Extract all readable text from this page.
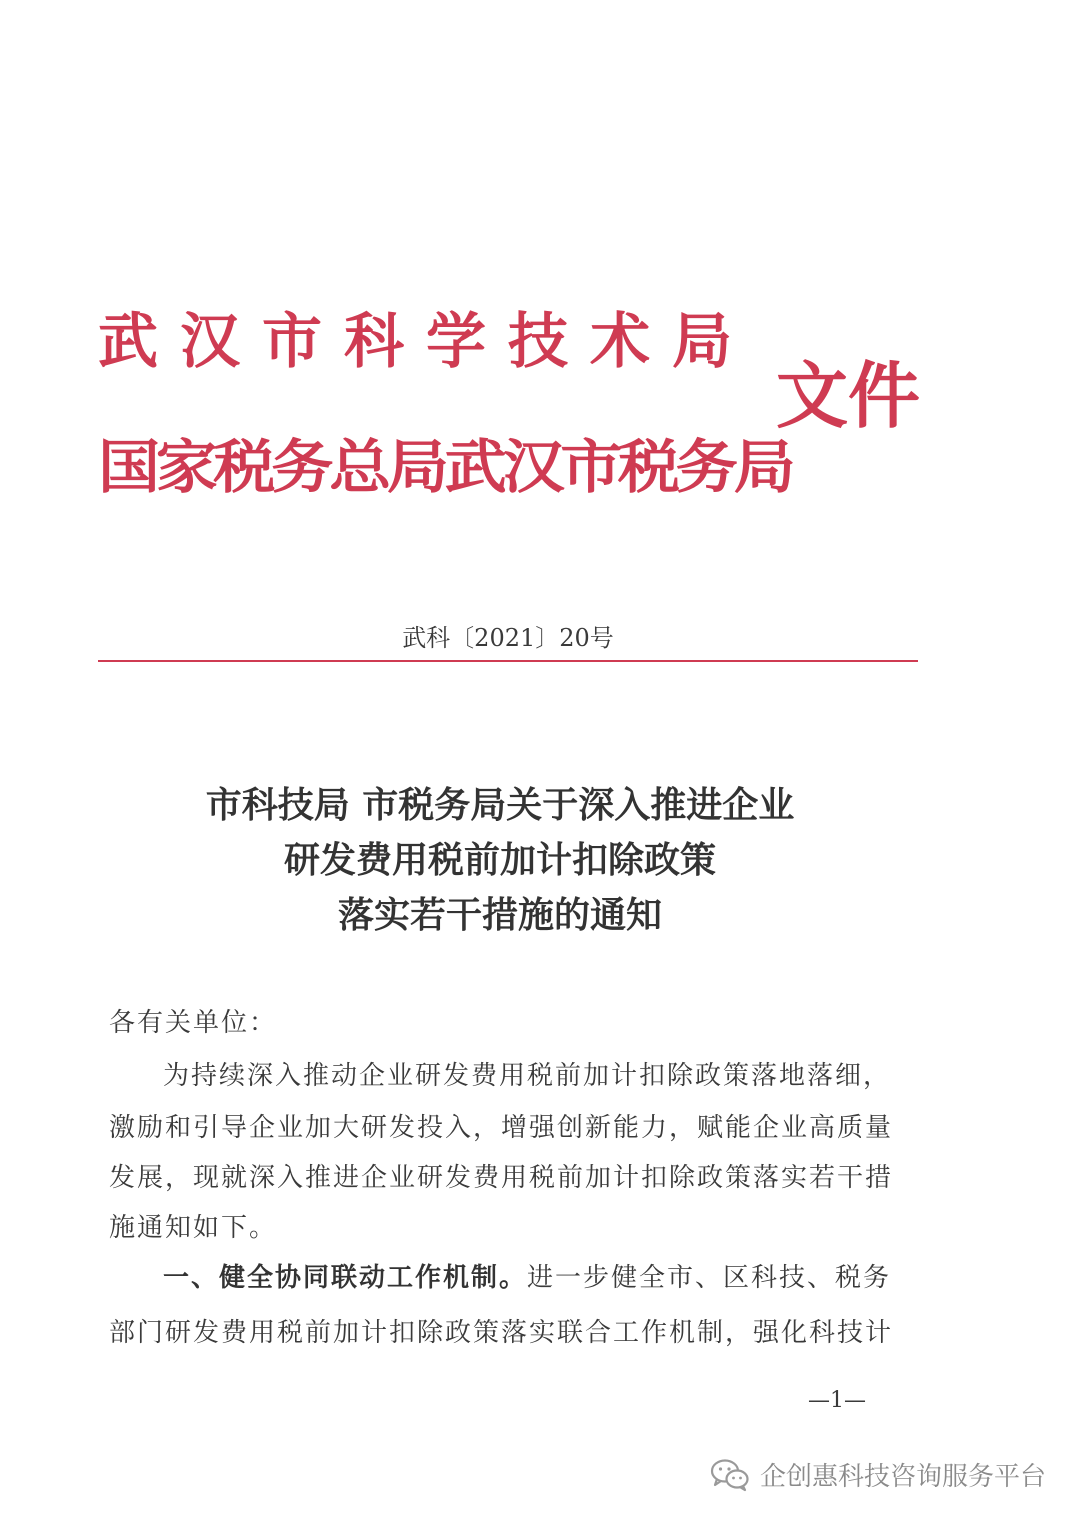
武汉市科学技术局
国家税务总局武汉市税务局
文件
武科〔2021〕20号
市科技局 市税务局关于深入推进企业
研发费用税前加计扣除政策
落实若干措施的通知
各有关单位：
为持续深入推动企业研发费用税前加计扣除政策落地落细，
激励和引导企业加大研发投入，增强创新能力，赋能企业高质量
发展，现就深入推进企业研发费用税前加计扣除政策落实若干措
施通知如下。
一、健全协同联动工作机制。进一步健全市、区科技、税务
部门研发费用税前加计扣除政策落实联合工作机制，强化科技计
—1—
企创惠科技咨询服务平台
